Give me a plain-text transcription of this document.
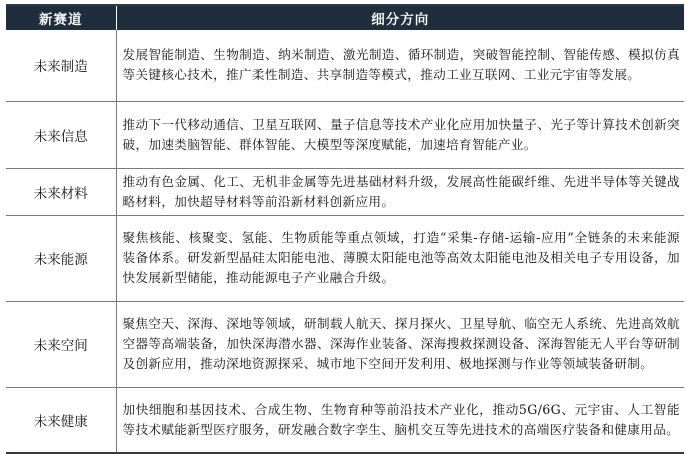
新赛道	细分方向
未来制造	发展智能制造、生物制造、纳米制造、激光制造、循环制造，突破智能控制、智能传感、模拟仿真等关键核心技术，推广柔性制造、共享制造等模式，推动工业互联网、工业元宇宙等发展。
未来信息	推动下一代移动通信、卫星互联网、量子信息等技术产业化应用加快量子、光子等计算技术创新突破，加速类脑智能、群体智能、大模型等深度赋能，加速培育智能产业。
未来材料	推动有色金属、化工、无机非金属等先进基础材料升级，发展高性能碳纤维、先进半导体等关键战略材料，加快超导材料等前沿新材料创新应用。
未来能源	聚焦核能、核聚变、氢能、生物质能等重点领域，打造“采集-存储-运输-应用”全链条的未来能源装备体系。研发新型晶硅太阳能电池、薄膜太阳能电池等高效太阳能电池及相关电子专用设备，加快发展新型储能，推动能源电子产业融合升级。
未来空间	聚焦空天、深海、深地等领域，研制载人航天、探月探火、卫星导航、临空无人系统、先进高效航空器等高端装备，加快深海潜水器、深海作业装备、深海搜救探测设备、深海智能无人平台等研制及创新应用，推动深地资源探采、城市地下空间开发利用、极地探测与作业等领域装备研制。
未来健康	加快细胞和基因技术、合成生物、生物育种等前沿技术产业化，推动5G/6G、元宇宙、人工智能等技术赋能新型医疗服务，研发融合数字孪生、脑机交互等先进技术的高端医疗装备和健康用品。
